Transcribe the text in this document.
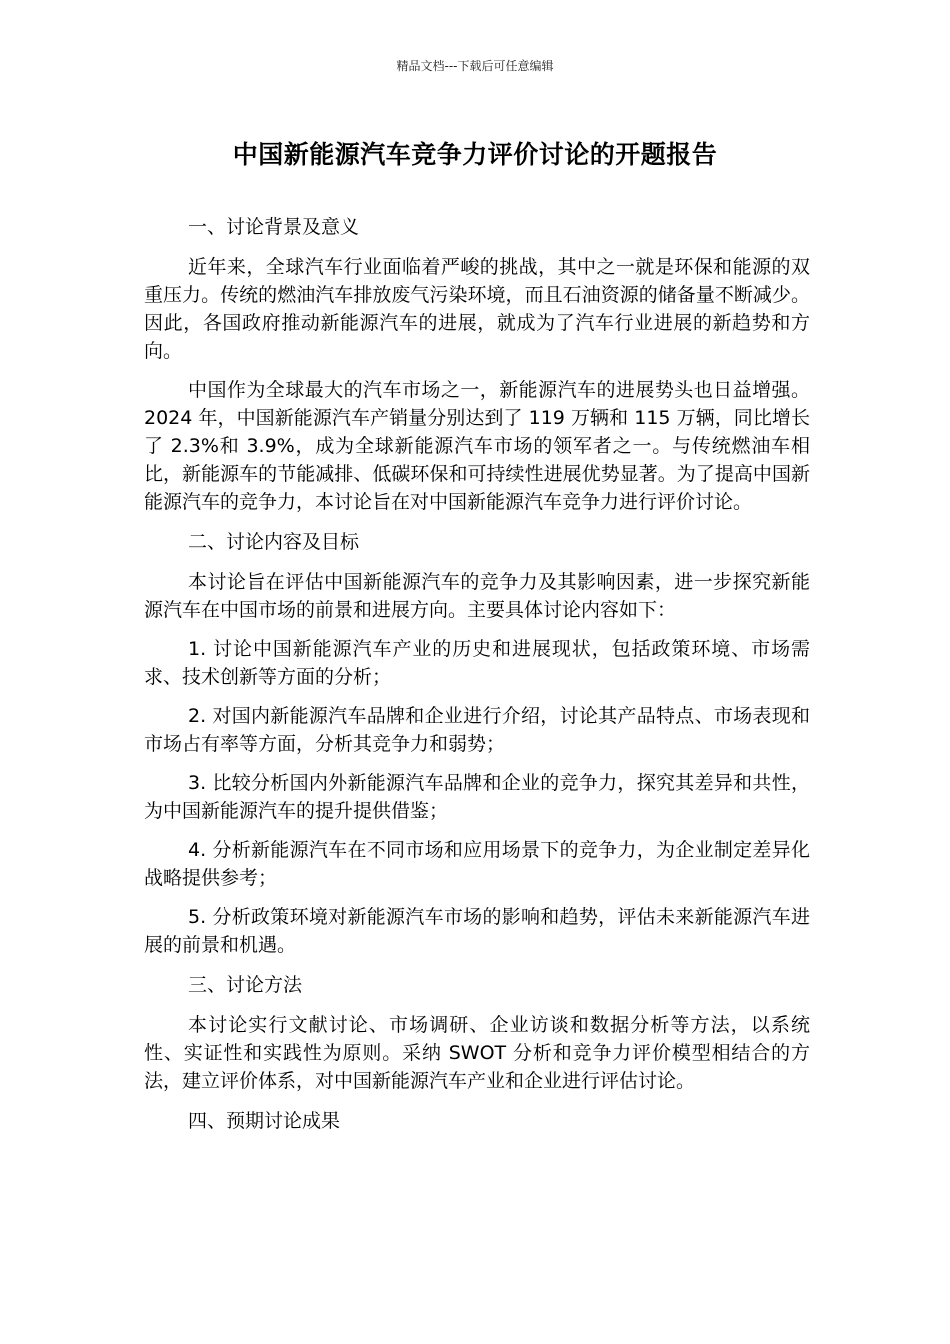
精品文档---下载后可任意编辑
中国新能源汽车竞争力评价讨论的开题报告
一、讨论背景及意义

近年来，全球汽车行业面临着严峻的挑战，其中之一就是环保和能源的双重压力。传统的燃油汽车排放废气污染环境，而且石油资源的储备量不断减少。因此，各国政府推动新能源汽车的进展，就成为了汽车行业进展的新趋势和方向。

中国作为全球最大的汽车市场之一，新能源汽车的进展势头也日益增强。2024 年，中国新能源汽车产销量分别达到了 119 万辆和 115 万辆，同比增长了 2.3%和 3.9%，成为全球新能源汽车市场的领军者之一。与传统燃油车相比，新能源车的节能减排、低碳环保和可持续性进展优势显著。为了提高中国新能源汽车的竞争力，本讨论旨在对中国新能源汽车竞争力进行评价讨论。

二、讨论内容及目标

本讨论旨在评估中国新能源汽车的竞争力及其影响因素，进一步探究新能源汽车在中国市场的前景和进展方向。主要具体讨论内容如下：

1. 讨论中国新能源汽车产业的历史和进展现状，包括政策环境、市场需求、技术创新等方面的分析；

2. 对国内新能源汽车品牌和企业进行介绍，讨论其产品特点、市场表现和市场占有率等方面，分析其竞争力和弱势；

3. 比较分析国内外新能源汽车品牌和企业的竞争力，探究其差异和共性，为中国新能源汽车的提升提供借鉴；

4. 分析新能源汽车在不同市场和应用场景下的竞争力，为企业制定差异化战略提供参考；

5. 分析政策环境对新能源汽车市场的影响和趋势，评估未来新能源汽车进展的前景和机遇。

三、讨论方法

本讨论实行文献讨论、市场调研、企业访谈和数据分析等方法，以系统性、实证性和实践性为原则。采纳 SWOT 分析和竞争力评价模型相结合的方法，建立评价体系，对中国新能源汽车产业和企业进行评估讨论。

四、预期讨论成果
